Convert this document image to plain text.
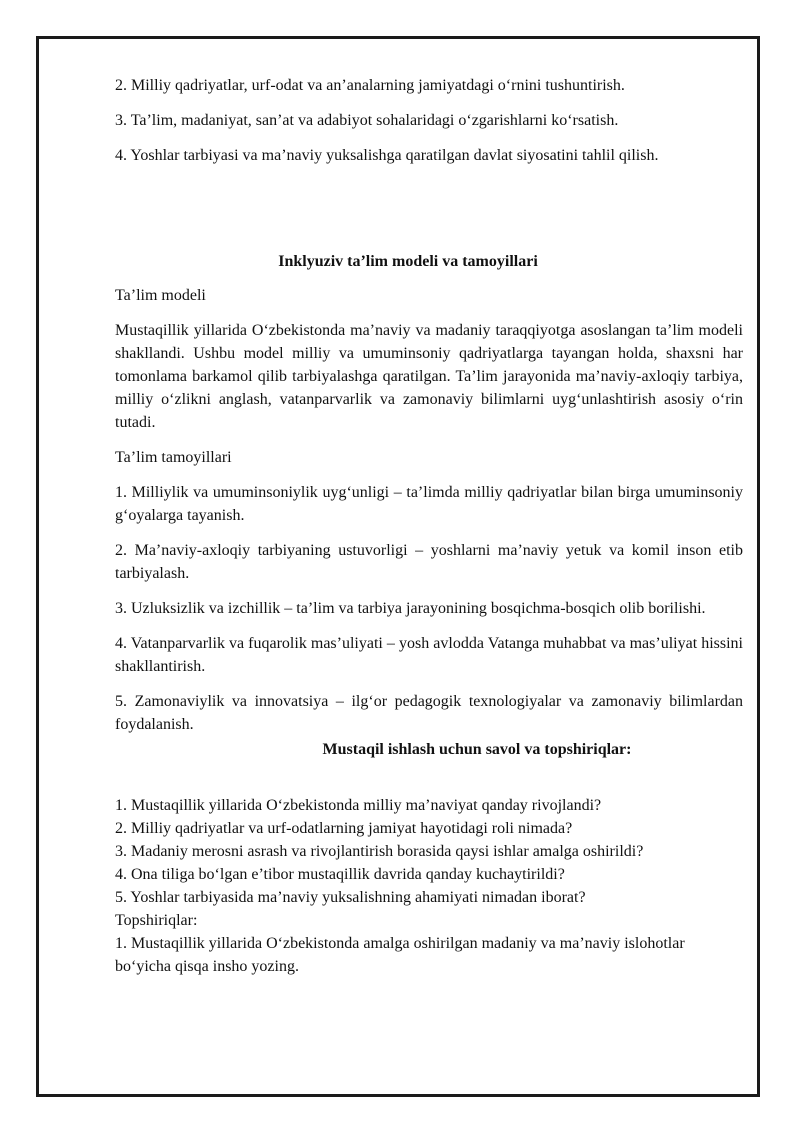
2. Milliy qadriyatlar, urf-odat va an’analarning jamiyatdagi o‘rnini tushuntirish.

3. Ta’lim, madaniyat, san’at va adabiyot sohalaridagi o‘zgarishlarni ko‘rsatish.

4. Yoshlar tarbiyasi va ma’naviy yuksalishga qaratilgan davlat siyosatini tahlil qilish.

Inklyuziv ta’lim modeli va tamoyillari

Ta’lim modeli

Mustaqillik yillarida O‘zbekistonda ma’naviy va madaniy taraqqiyotga asoslangan ta’lim modeli shakllandi. Ushbu model milliy va umuminsoniy qadriyatlarga tayangan holda, shaxsni har tomonlama barkamol qilib tarbiyalashga qaratilgan. Ta’lim jarayonida ma’naviy-axloqiy tarbiya, milliy o‘zlikni anglash, vatanparvarlik va zamonaviy bilimlarni uyg‘unlashtirish asosiy o‘rin tutadi.

Ta’lim tamoyillari

1. Milliylik va umuminsoniylik uyg‘unligi – ta’limda milliy qadriyatlar bilan birga umuminsoniy g‘oyalarga tayanish.

2. Ma’naviy-axloqiy tarbiyaning ustuvorligi – yoshlarni ma’naviy yetuk va komil inson etib tarbiyalash.

3. Uzluksizlik va izchillik – ta’lim va tarbiya jarayonining bosqichma-bosqich olib borilishi.

4. Vatanparvarlik va fuqarolik mas’uliyati – yosh avlodda Vatanga muhabbat va mas’uliyat hissini shakllantirish.

5. Zamonaviylik va innovatsiya – ilg‘or pedagogik texnologiyalar va zamonaviy bilimlardan foydalanish.

Mustaqil ishlash uchun savol va topshiriqlar:

1. Mustaqillik yillarida O‘zbekistonda milliy ma’naviyat qanday rivojlandi?

2. Milliy qadriyatlar va urf-odatlarning jamiyat hayotidagi roli nimada?

3. Madaniy merosni asrash va rivojlantirish borasida qaysi ishlar amalga oshirildi?

4. Ona tiliga bo‘lgan e’tibor mustaqillik davrida qanday kuchaytirildi?

5. Yoshlar tarbiyasida ma’naviy yuksalishning ahamiyati nimadan iborat?

Topshiriqlar:

1. Mustaqillik yillarida O‘zbekistonda amalga oshirilgan madaniy va ma’naviy islohotlar bo‘yicha qisqa insho yozing.
